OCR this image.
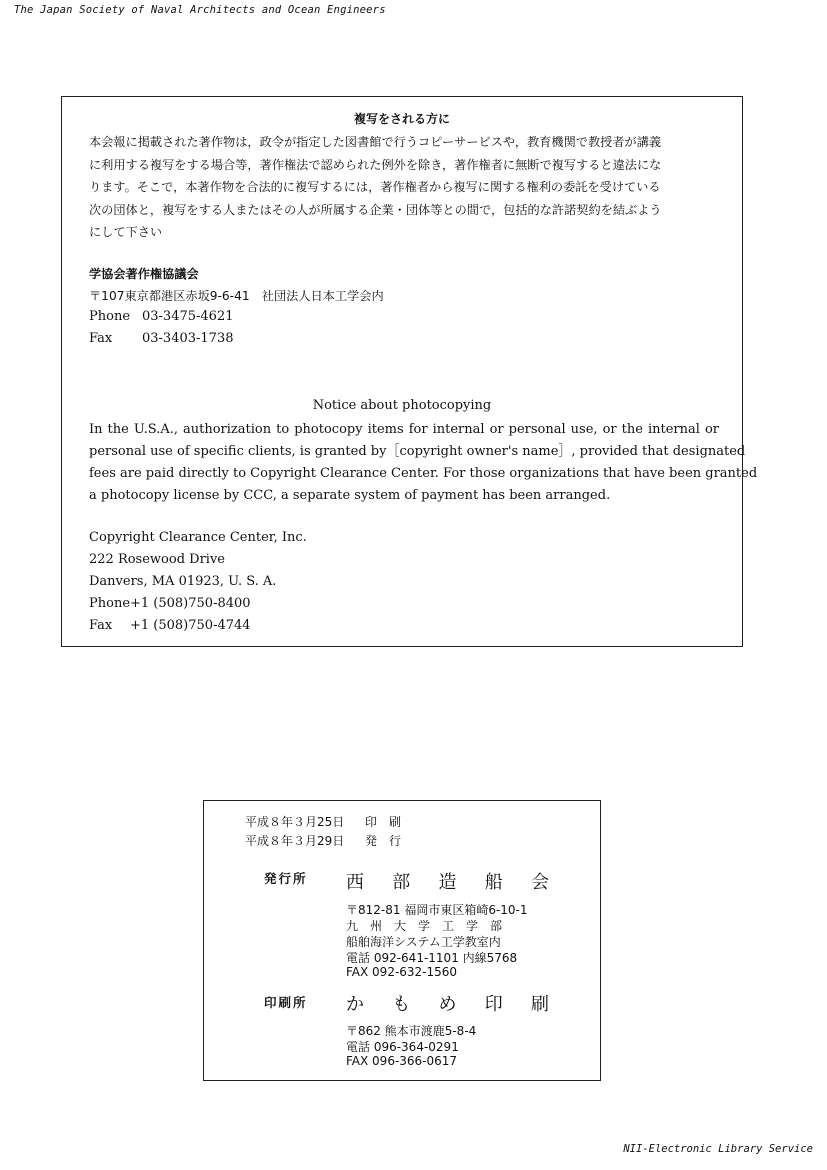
The Japan Society of Naval Architects and Ocean Engineers
複写をされる方に
本会報に掲載された著作物は，政令が指定した図書館で行うコピーサービスや，教育機関で教授者が講義
に利用する複写をする場合等，著作権法で認められた例外を除き，著作権者に無断で複写すると違法にな
ります。そこで，本著作物を合法的に複写するには，著作権者から複写に関する権利の委託を受けている
次の団体と，複写をする人またはその人が所属する企業・団体等との間で，包括的な許諾契約を結ぶよう
にして下さい
学協会著作権協議会
〒107東京都港区赤坂9-6-41　社団法人日本工学会内
Phone 03-3475-4621
Fax 03-3403-1738
Notice about photocopying
In the U.S.A., authorization to photocopy items for internal or personal use, or the internal or
personal use of specific clients, is granted by［copyright owner's name］, provided that designated
fees are paid directly to Copyright Clearance Center. For those organizations that have been granted
a photocopy license by CCC, a separate system of payment has been arranged.
Copyright Clearance Center, Inc.
222 Rosewood Drive
Danvers, MA 01923, U. S. A.
Phone+1 (508)750-8400
Fax +1 (508)750-4744
平成８年３月25日 印　刷
平成８年３月29日 発　行
発行所 西 部 造 船 会
〒812-81 福岡市東区箱崎6-10-1
九　州　大　学　工　学　部
船舶海洋システム工学教室内
電話 092-641-1101 内線5768
FAX 092-632-1560
印刷所 か も め 印 刷
〒862 熊本市渡鹿5-8-4
電話 096-364-0291
FAX 096-366-0617
NII-Electronic Library Service
